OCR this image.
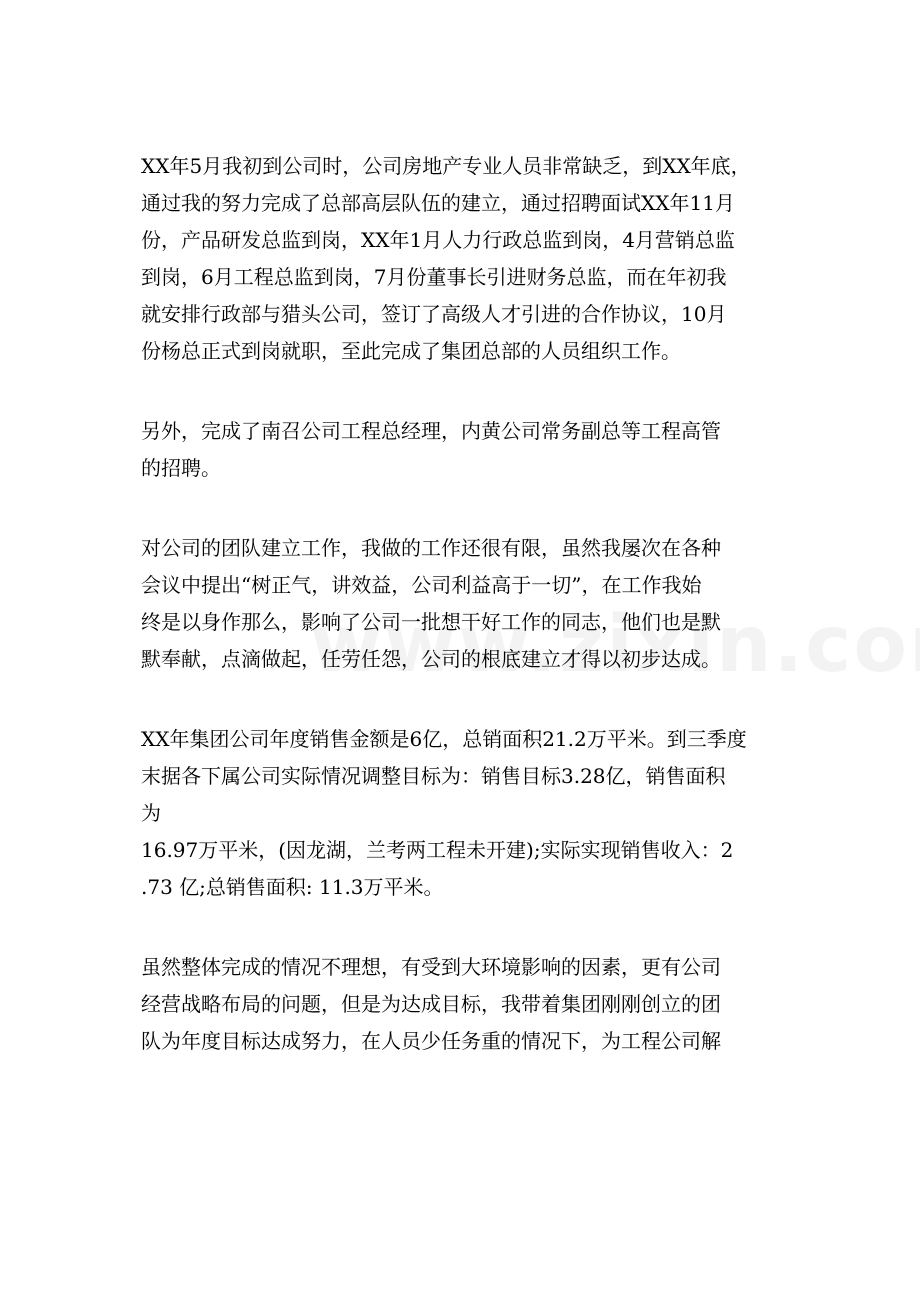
XX年5月我初到公司时，公司房地产专业人员非常缺乏，到XX年底，
通过我的努力完成了总部高层队伍的建立，通过招聘面试XX年11月
份，产品研发总监到岗，XX年1月人力行政总监到岗，4月营销总监
到岗，6月工程总监到岗，7月份董事长引进财务总监，而在年初我
就安排行政部与猎头公司，签订了高级人才引进的合作协议，10月
份杨总正式到岗就职，至此完成了集团总部的人员组织工作。

另外，完成了南召公司工程总经理，内黄公司常务副总等工程高管
的招聘。

对公司的团队建立工作，我做的工作还很有限，虽然我屡次在各种
会议中提出“树正气，讲效益，公司利益高于一切”，在工作我始
终是以身作那么，影响了公司一批想干好工作的同志，他们也是默
默奉献，点滴做起，任劳任怨，公司的根底建立才得以初步达成。

XX年集团公司年度销售金额是6亿，总销面积21.2万平米。到三季度
末据各下属公司实际情况调整目标为：销售目标3.28亿，销售面积
为
16.97万平米，(因龙湖，兰考两工程未开建);实际实现销售收入：2
.73 亿;总销售面积: 11.3万平米。

虽然整体完成的情况不理想，有受到大环境影响的因素，更有公司
经营战略布局的问题，但是为达成目标，我带着集团刚刚创立的团
队为年度目标达成努力，在人员少任务重的情况下，为工程公司解
